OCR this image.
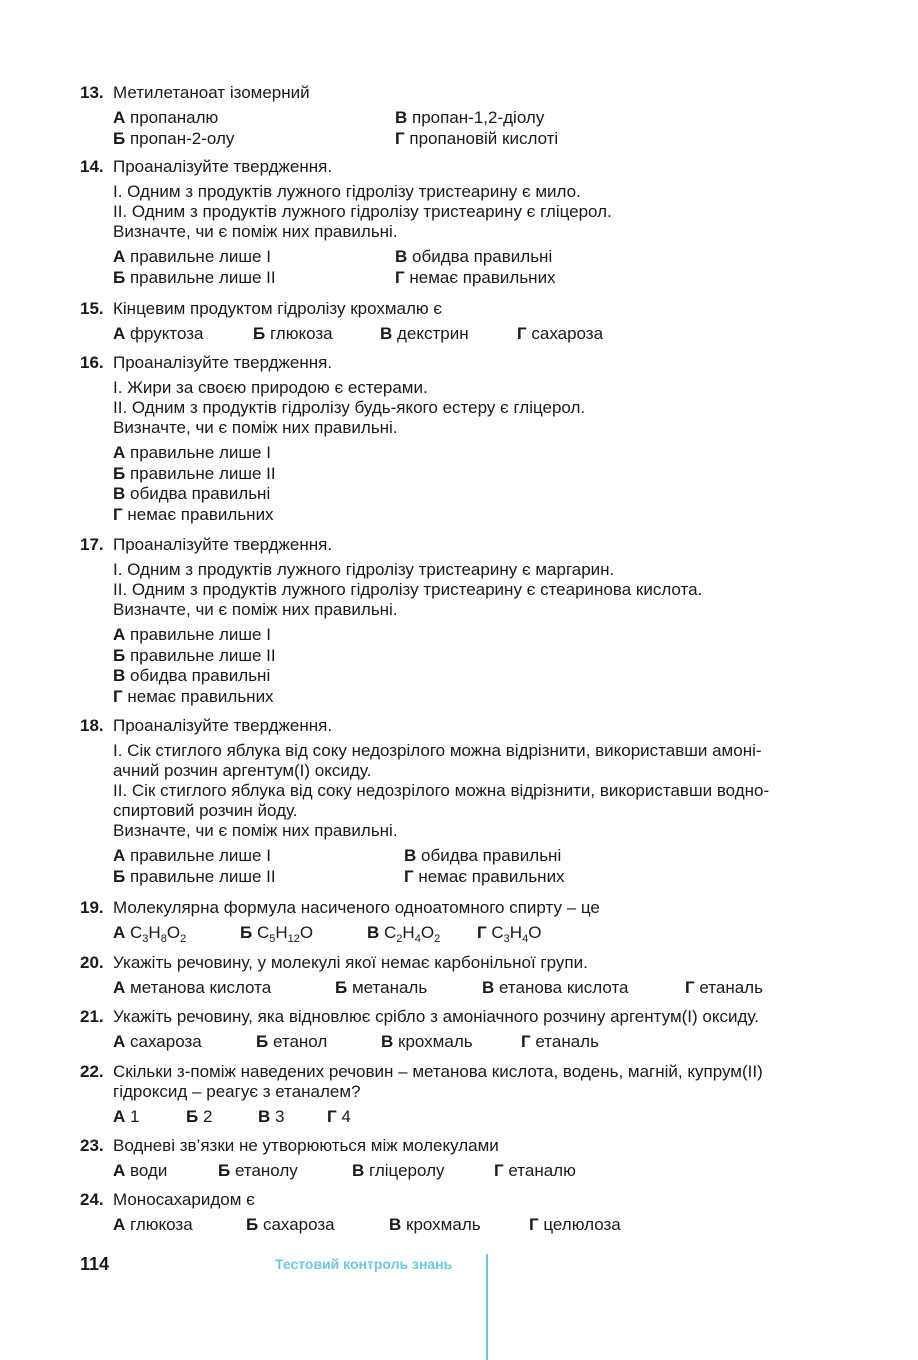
13. Метилетаноат ізомерний
А пропаналю	В пропан-1,2-діолу
Б пропан-2-олу	Г пропановій кислоті
14. Проаналізуйте твердження.
I. Одним з продуктів лужного гідролізу тристеарину є мило.
II. Одним з продуктів лужного гідролізу тристеарину є гліцерол.
Визначте, чи є поміж них правильні.
А правильне лише I	В обидва правильні
Б правильне лише II	Г немає правильних
15. Кінцевим продуктом гідролізу крохмалю є
А фруктоза	Б глюкоза	В декстрин	Г сахароза
16. Проаналізуйте твердження.
I. Жири за своєю природою є естерами.
II. Одним з продуктів гідролізу будь-якого естеру є гліцерол.
Визначте, чи є поміж них правильні.
А правильне лише I
Б правильне лише II
В обидва правильні
Г немає правильних
17. Проаналізуйте твердження.
I. Одним з продуктів лужного гідролізу тристеарину є маргарин.
II. Одним з продуктів лужного гідролізу тристеарину є стеаринова кислота.
Визначте, чи є поміж них правильні.
А правильне лише I
Б правильне лише II
В обидва правильні
Г немає правильних
18. Проаналізуйте твердження.
I. Сік стиглого яблука від соку недозрілого можна відрізнити, використавши амоні-
ачний розчин аргентум(I) оксиду.
II. Сік стиглого яблука від соку недозрілого можна відрізнити, використавши водно-
спиртовий розчин йоду.
Визначте, чи є поміж них правильні.
А правильне лише I	В обидва правильні
Б правильне лише II	Г немає правильних
19. Молекулярна формула насиченого одноатомного спирту – це
А $C_3H_8O_2$	Б $C_5H_{12}O$	В $C_2H_4O_2$ Г $C_3H_4O$
20. Укажіть речовину, у молекулі якої немає карбонільної групи.
А метанова кислота	Б метаналь	В етанова кислота	Г етаналь
21. Укажіть речовину, яка відновлює срібло з амоніачного розчину аргентум(I) оксиду.
А сахароза	Б етанол	В крохмаль	Г етаналь
22. Скільки з-поміж наведених речовин – метанова кислота, водень, магній, купрум(II)
гідроксид – реагує з етаналем?
А 1	Б 2	В 3	Г 4
23. Водневі зв’язки не утворюються між молекулами
А води	Б етанолу	В гліцеролу	Г етаналю
24. Моносахаридом є
А глюкоза	Б сахароза	В крохмаль	Г целюлоза
114	Тестовий контроль знань
